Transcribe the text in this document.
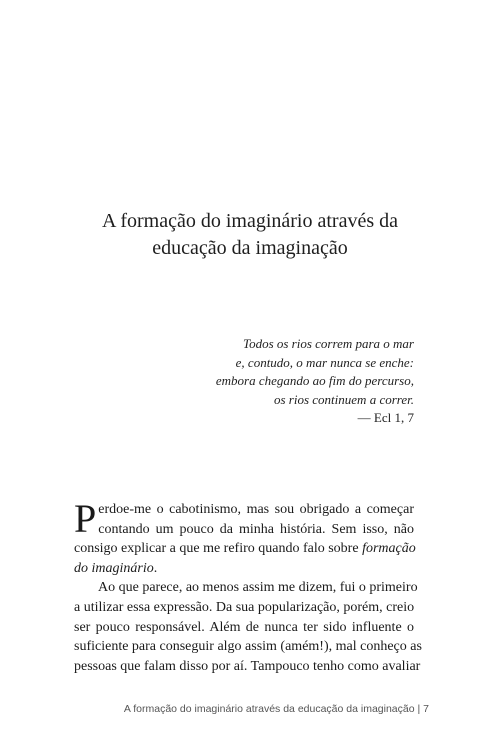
A formação do imaginário através da
educação da imaginação
Todos os rios correm para o mar
e, contudo, o mar nunca se enche:
embora chegando ao fim do percurso,
os rios continuem a correr.
— Ecl 1, 7

P erdoe-me o cabotinismo, mas sou obrigado a começar
contando um pouco da minha história. Sem isso, não
consigo explicar a que me refiro quando falo sobre formação
do imaginário.

Ao que parece, ao menos assim me dizem, fui o primeiro
a utilizar essa expressão. Da sua popularização, porém, creio
ser pouco responsável. Além de nunca ter sido influente o
suficiente para conseguir algo assim (amém!), mal conheço as
pessoas que falam disso por aí. Tampouco tenho como avaliar

A formação do imaginário através da educação da imaginação | 7
